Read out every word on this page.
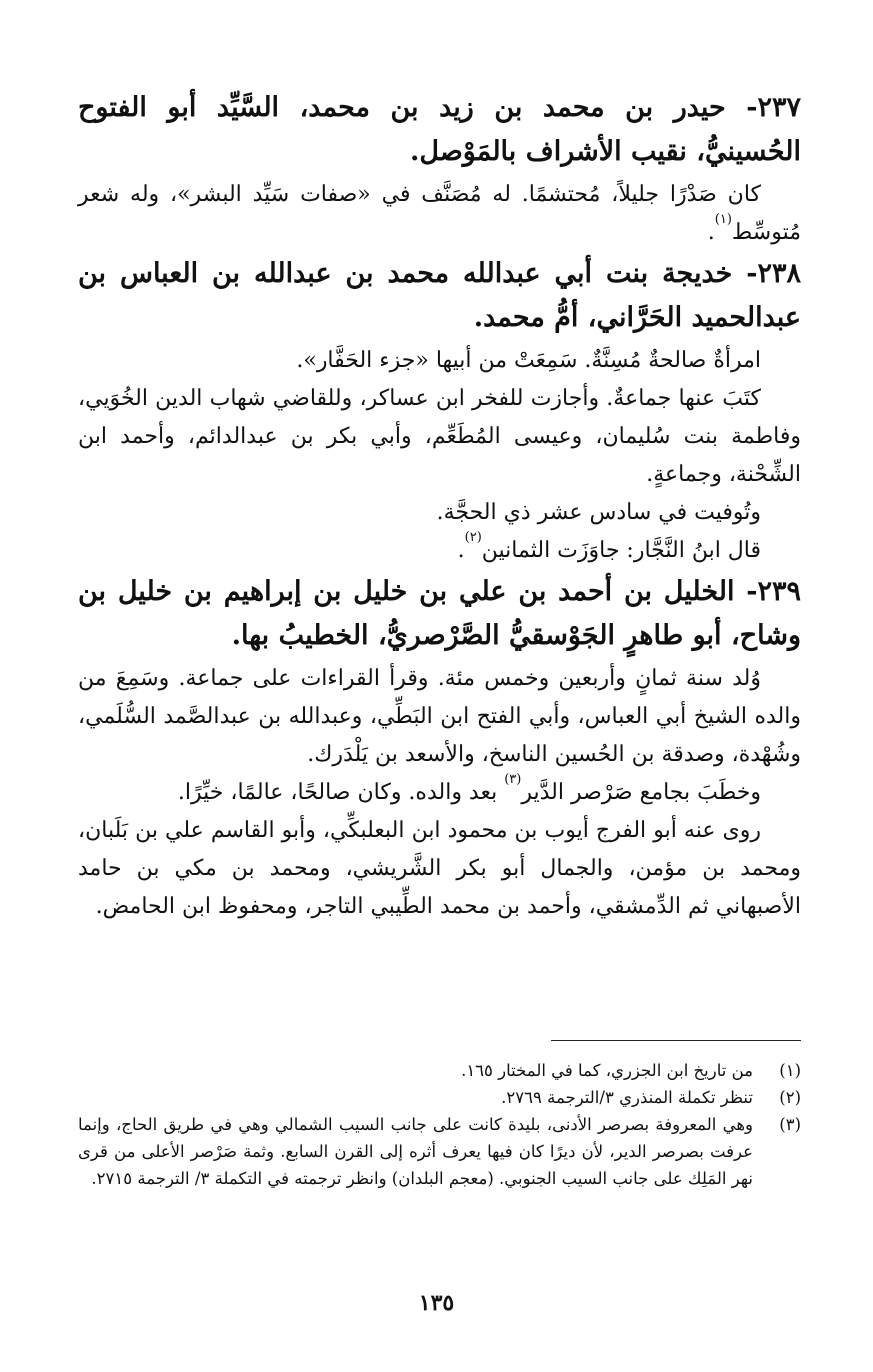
٢٣٧- حيدر بن محمد بن زيد بن محمد، السَّيِّد أبو الفتوح الحُسينيُّ، نقيب الأشراف بالمَوْصل.

كان صَدْرًا جليلاً، مُحتشمًا. له مُصَنَّف في «صفات سَيِّد البشر»، وله شعر مُتوسِّط$^{(١)}$.

٢٣٨- خديجة بنت أبي عبدالله محمد بن عبدالله بن العباس بن عبدالحميد الحَرَّاني، أمُّ محمد.

امرأةٌ صالحةٌ مُسِنَّةٌ. سَمِعَتْ من أبيها «جزء الحَفَّار».

كتَبَ عنها جماعةٌ. وأجازت للفخر ابن عساكر، وللقاضي شهاب الدين الخُوَيي، وفاطمة بنت سُليمان، وعيسى المُطَعِّم، وأبي بكر بن عبدالدائم، وأحمد ابن الشِّحْنة، وجماعةٍ.

وتُوفيت في سادس عشر ذي الحجَّة.

قال ابنُ النَّجَّار: جاوَزَت الثمانين$^{(٢)}$.

٢٣٩- الخليل بن أحمد بن علي بن خليل بن إبراهيم بن خليل بن وشاح، أبو طاهرٍ الجَوْسقيُّ الصَّرْصريُّ، الخطيبُ بها.

وُلد سنة ثمانٍ وأربعين وخمس مئة. وقرأ القراءات على جماعة. وسَمِعَ من والده الشيخ أبي العباس، وأبي الفتح ابن البَطِّي، وعبدالله بن عبدالصَّمد السُّلَمي، وشُهْدة، وصدقة بن الحُسين الناسخ، والأسعد بن يَلْدَرك.

وخطَبَ بجامع صَرْصر الدَّير$^{(٣)}$ بعد والده. وكان صالحًا، عالمًا، خيِّرًا.

روى عنه أبو الفرج أيوب بن محمود ابن البعلبكِّي، وأبو القاسم علي بن بَلَبان، ومحمد بن مؤمن، والجمال أبو بكر الشَّريشي، ومحمد بن مكي بن حامد الأصبهاني ثم الدِّمشقي، وأحمد بن محمد الطِّيبي التاجر، ومحفوظ ابن الحامض.

(١)
من تاريخ ابن الجزري، كما في المختار ١٦٥.
(٢)
تنظر تكملة المنذري ٣/الترجمة ٢٧٦٩.
(٣)
وهي المعروفة بصرصر الأدنى، بليدة كانت على جانب السيب الشمالي وهي في طريق الحاج، وإنما عرفت بصرصر الدير، لأن ديرًا كان فيها يعرف أثره إلى القرن السابع. وثمة صَرْصر الأعلى من قرى نهر المَلِك على جانب السيب الجنوبي. (معجم البلدان) وانظر ترجمته في التكملة ٣/ الترجمة ٢٧١٥.
١٣٥
